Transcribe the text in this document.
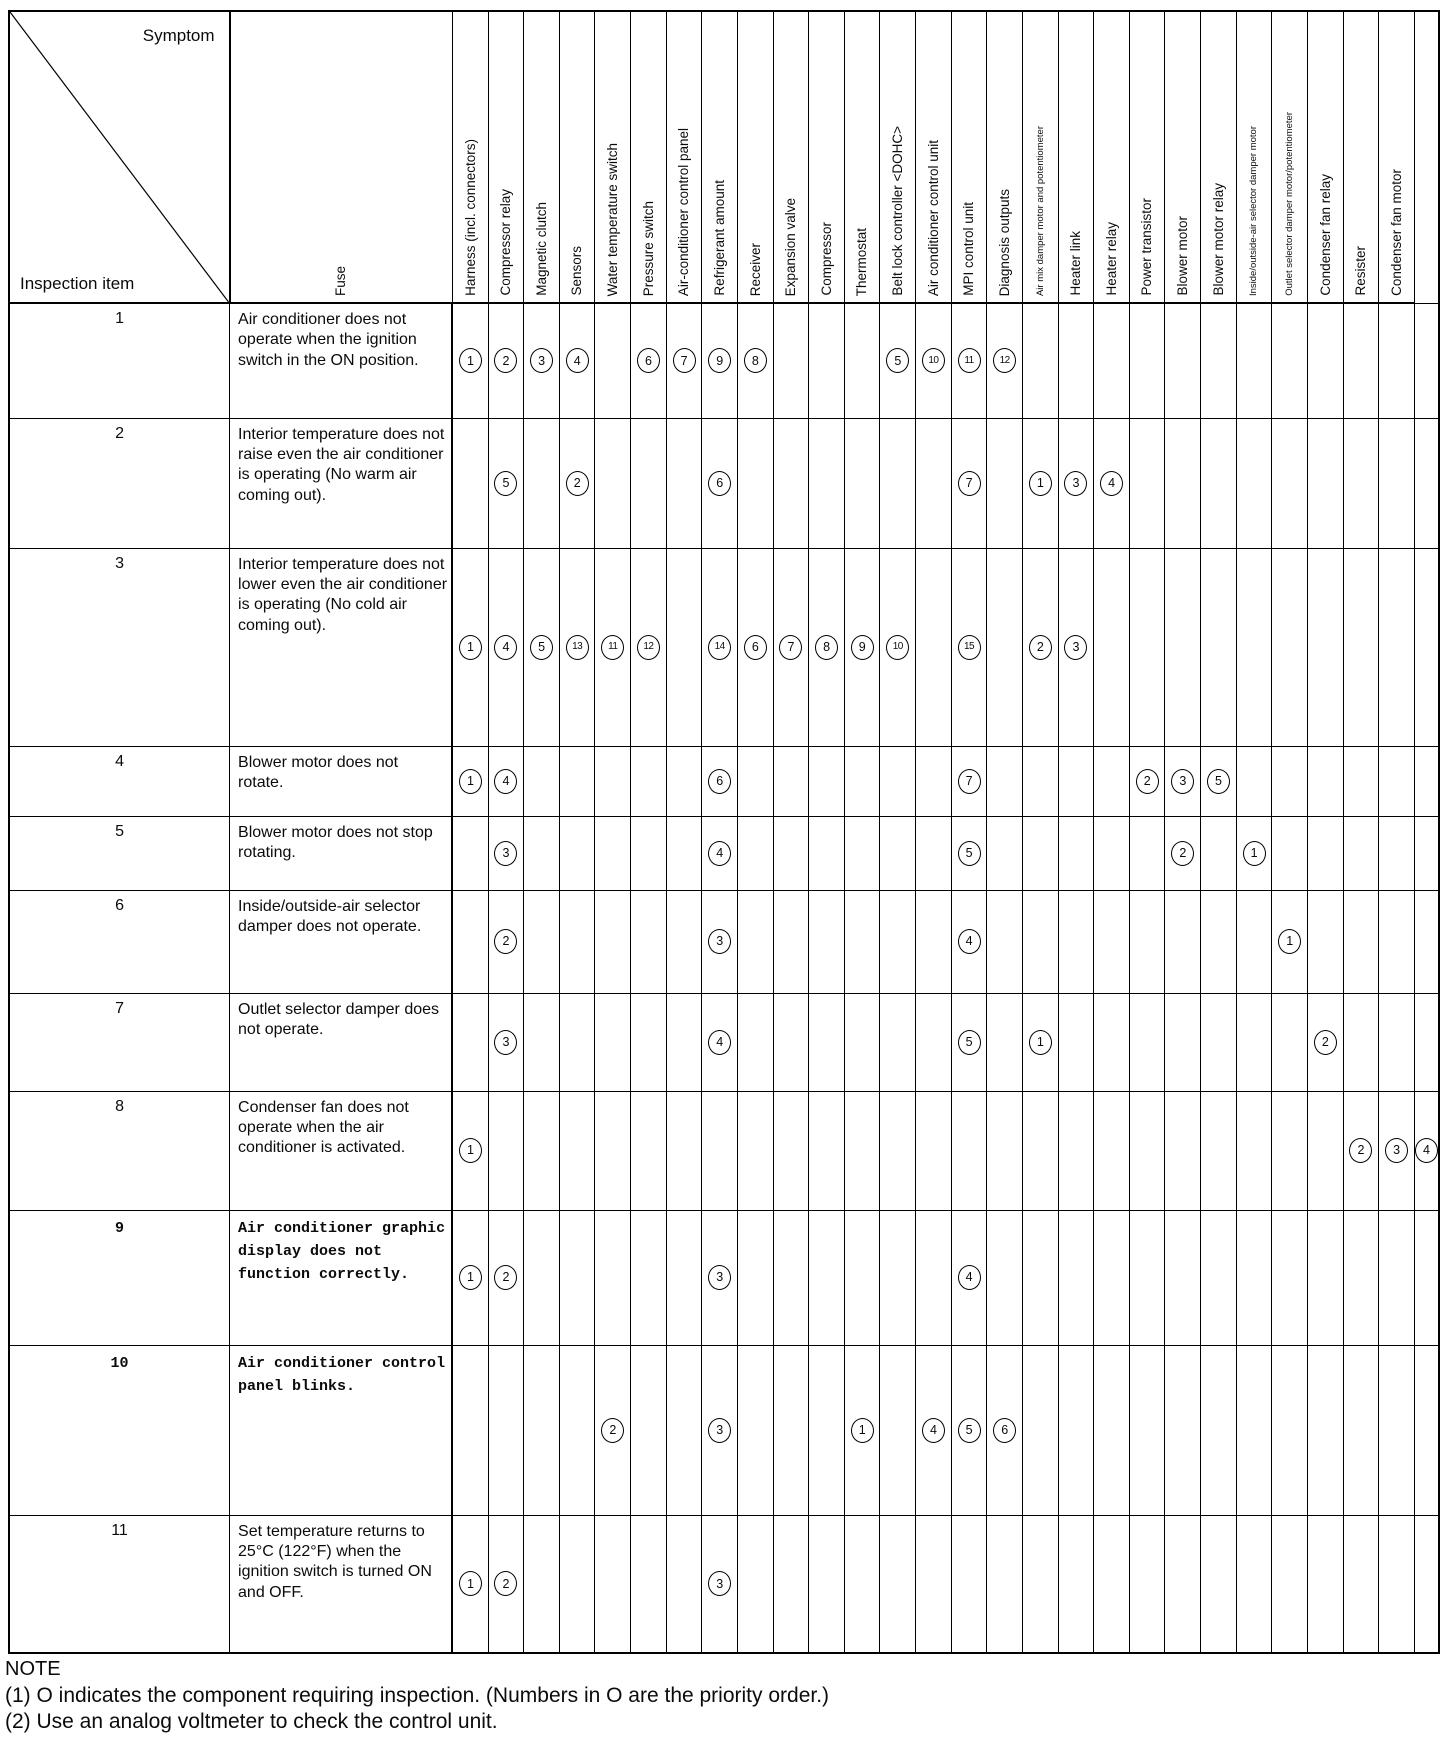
Symptom
Inspection item	Fuse	Harness (incl. connectors)	Compressor relay	Magnetic clutch	Sensors	Water temperature switch	Pressure switch	Air-conditioner control panel	Refrigerant amount	Receiver	Expansion valve	Compressor	Thermostat	Belt lock controller <DOHC>	Air conditioner control unit	MPI control unit	Diagnosis outputs	Air mix damper motor and potentiometer	Heater link	Heater relay	Power transistor	Blower motor	Blower motor relay	Inside/outside-air selector damper motor	Outlet selector damper motor/potentiometer	Condenser fan relay	Resister	Condenser fan motor	

1	Air conditioner does not operate when the ignition switch in the ON position.	1	2	3	4		6	7	9	8				5	10	11	12												
2	Interior temperature does not raise even the air conditioner is operating (No warm air coming out).		5		2				6							7		1	3	4									
3	Interior temperature does not lower even the air conditioner is operating (No cold air coming out).	1	4	5	13	11	12		14	6	7	8	9	10		15		2	3										
4	Blower motor does not rotate.	1	4						6							7					2	3	5						
5	Blower motor does not stop rotating.		3						4							5						2		1					
6	Inside/outside-air selector damper does not operate.		2						3							4									1				
7	Outlet selector damper does not operate.		3						4							5		1								2			
8	Condenser fan does not operate when the air conditioner is activated.	1																									2	3	4
9	Air conditioner graphic display does not function correctly.	1	2						3							4													
10	Air conditioner control panel blinks.					2			3				1		4	5	6												
11	Set temperature returns to 25°C (122°F) when the ignition switch is turned ON and OFF.	1	2						3																				

NOTE

(1) O indicates the component requiring inspection. (Numbers in O are the priority order.)

(2) Use an analog voltmeter to check the control unit.
